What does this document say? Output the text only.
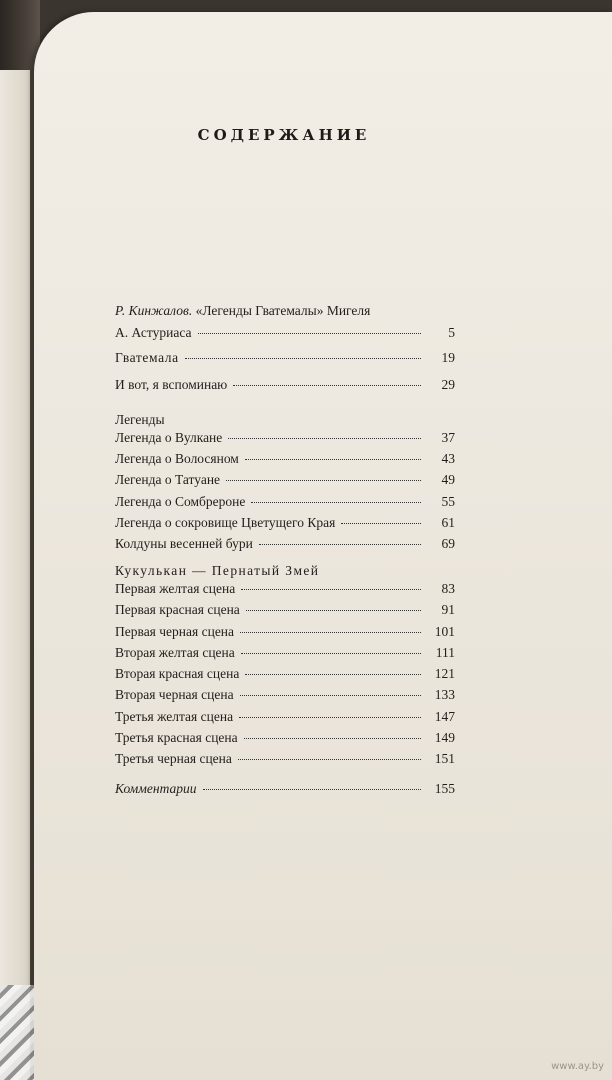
СОДЕРЖАНИЕ
Р. Кинжалов. «Легенды Гватемалы» Мигеля
А. Астуриаса	5
Гватемала	19
И вот, я вспоминаю	29
Легенды
Легенда о Вулкане	37
Легенда о Волосяном	43
Легенда о Татуане	49
Легенда о Сомбрероне	55
Легенда о сокровище Цветущего Края	61
Колдуны весенней бури	69
Кукулькан — Пернатый Змей
Первая желтая сцена	83
Первая красная сцена	91
Первая черная сцена	101
Вторая желтая сцена	111
Вторая красная сцена	121
Вторая черная сцена	133
Третья желтая сцена	147
Третья красная сцена	149
Третья черная сцена	151
Комментарии	155
www.ay.by
